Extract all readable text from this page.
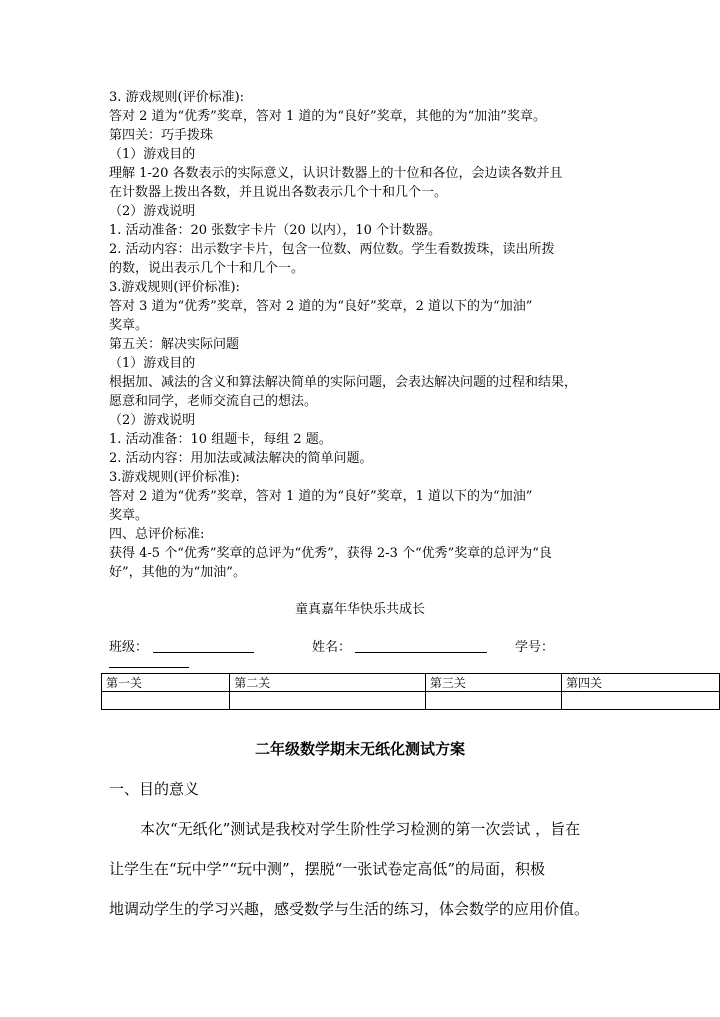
3. 游戏规则(评价标准):
答对 2 道为“优秀”奖章，答对 1 道的为“良好”奖章，其他的为“加油”奖章。
第四关：巧手拨珠
（1）游戏目的
理解 1-20 各数表示的实际意义，认识计数器上的十位和各位，会边读各数并且
在计数器上拨出各数，并且说出各数表示几个十和几个一。
（2）游戏说明
1. 活动准备：20 张数字卡片（20 以内），10 个计数器。
2. 活动内容：出示数字卡片，包含一位数、两位数。学生看数拨珠，读出所拨
的数，说出表示几个十和几个一。
3.游戏规则(评价标准):
答对 3 道为“优秀”奖章，答对 2 道的为“良好”奖章，2 道以下的为“加油”
奖章。
第五关：解决实际问题
（1）游戏目的
根据加、减法的含义和算法解决简单的实际问题，会表达解决问题的过程和结果，
愿意和同学，老师交流自己的想法。
（2）游戏说明
1. 活动准备：10 组题卡，每组 2 题。
2. 活动内容：用加法或减法解决的简单问题。
3.游戏规则(评价标准):
答对 2 道为“优秀”奖章，答对 1 道的为“良好”奖章，1 道以下的为“加油”
奖章。
四、总评价标准:
获得 4-5 个“优秀”奖章的总评为“优秀”，获得 2-3 个“优秀”奖章的总评为“良
好”，其他的为“加油”。
童真嘉年华快乐共成长
班级：	姓名：	学号：
第一关	第二关	第三关	第四关

二年级数学期末无纸化测试方案
一、目的意义
本次“无纸化”测试是我校对学生阶性学习检测的第一次尝试 ，旨在
让学生在“玩中学”“玩中测”，摆脱“一张试卷定高低”的局面，积极
地调动学生的学习兴趣，感受数学与生活的练习，体会数学的应用价值。
